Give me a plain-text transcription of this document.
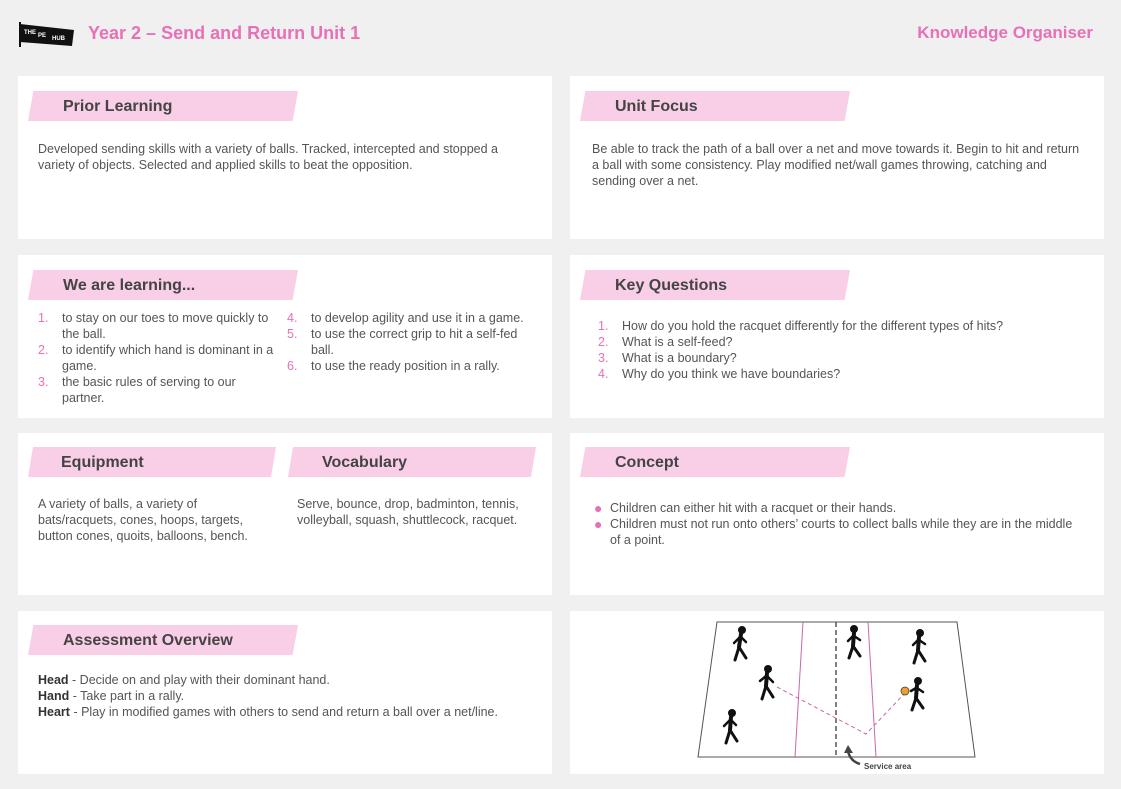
THE PE HUB Year 2 – Send and Return Unit 1	Knowledge Organiser
Prior Learning
Developed sending skills with a variety of balls. Tracked, intercepted and stopped a variety of objects. Selected and applied skills to beat the opposition.
Unit Focus
Be able to track the path of a ball over a net and move towards it. Begin to hit and return a ball with some consistency. Play modified net/wall games throwing, catching and sending over a net.
We are learning...
1. to stay on our toes to move quickly to the ball.
2. to identify which hand is dominant in a game.
3. the basic rules of serving to our partner.
4. to develop agility and use it in a game.
5. to use the correct grip to hit a self-fed ball.
6. to use the ready position in a rally.
Key Questions
1. How do you hold the racquet differently for the different types of hits?
2. What is a self-feed?
3. What is a boundary?
4. Why do you think we have boundaries?
Equipment	Vocabulary
A variety of balls, a variety of bats/racquets, cones, hoops, targets, button cones, quoits, balloons, bench.
Serve, bounce, drop, badminton, tennis, volleyball, squash, shuttlecock, racquet.
Concept
● Children can either hit with a racquet or their hands.
● Children must not run onto others’ courts to collect balls while they are in the middle of a point.
Assessment Overview

Head - Decide on and play with their dominant hand.

Hand - Take part in a rally.

Heart - Play in modified games with others to send and return a ball over a net/line.

Service area
